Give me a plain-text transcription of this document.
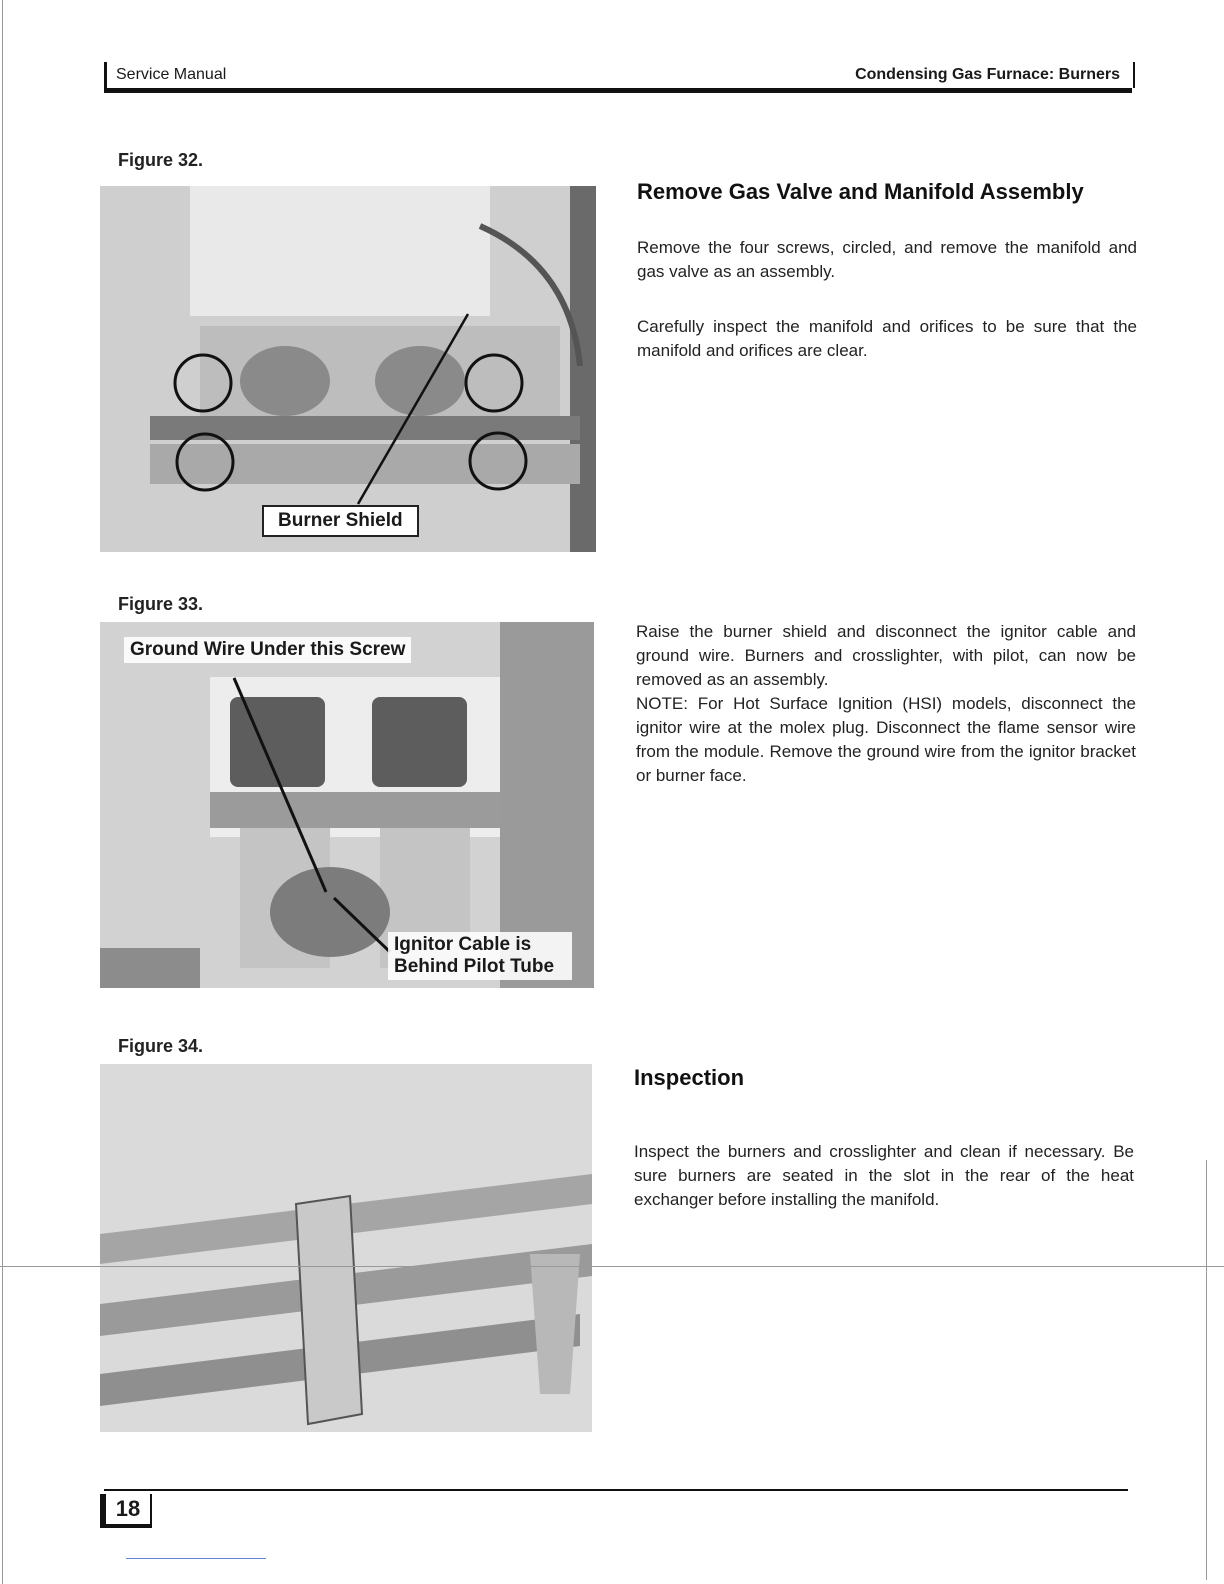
Service Manual	Condensing Gas Furnace: Burners
Figure 32.
Burner Shield
Remove Gas Valve and Manifold Assembly

Remove the four screws, circled, and remove the manifold and gas valve as an assembly.

Carefully inspect the manifold and orifices to be sure that the manifold and orifices are clear.

Figure 33.
Ground Wire Under this Screw
Ignitor Cable is Behind Pilot Tube

Raise the burner shield and disconnect the ignitor cable and ground wire. Burners and crosslighter, with pilot, can now be removed as an assembly.

NOTE: For Hot Surface Ignition (HSI) models, disconnect the ignitor wire at the molex plug. Disconnect the flame sensor wire from the module. Remove the ground wire from the ignitor bracket or burner face.

Figure 34.
Inspection

Inspect the burners and crosslighter and clean if necessary. Be sure burners are seated in the slot in the rear of the heat exchanger before installing the manifold.

18
